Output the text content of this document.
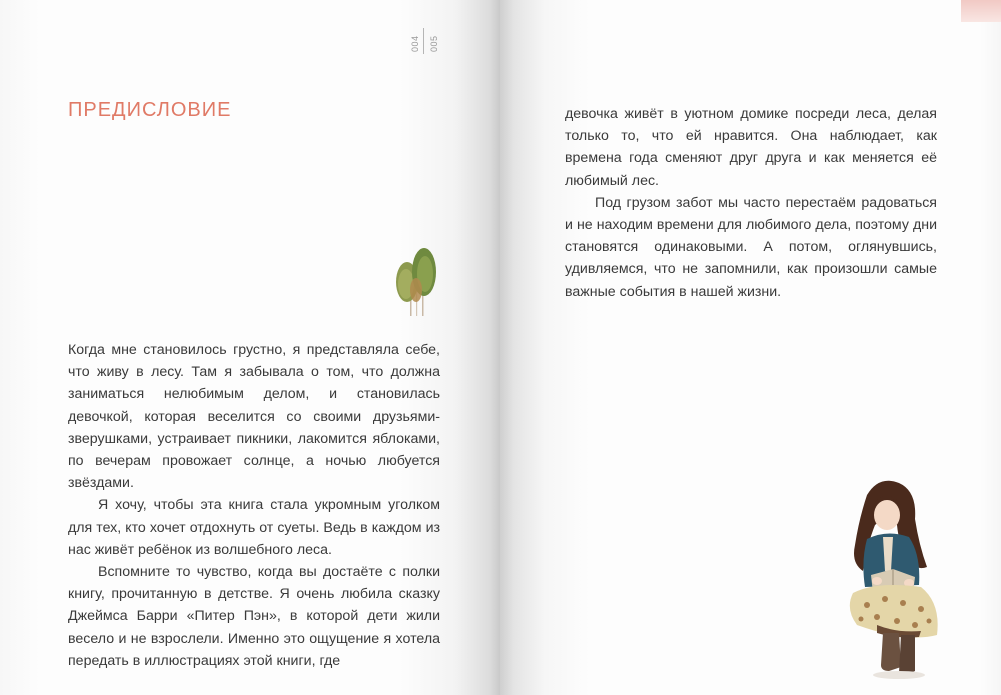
004 005
ПРЕДИСЛОВИЕ

Когда мне становилось грустно, я представляла себе, что живу в лесу. Там я забывала о том, что должна заниматься нелюбимым делом, и становилась девочкой, которая веселится со своими друзьями-зверушками, устраивает пикники, лакомится яблоками, по вечерам провожает солнце, а ночью любуется звёздами.

Я хочу, чтобы эта книга стала укромным уголком для тех, кто хочет отдохнуть от суеты. Ведь в каждом из нас живёт ребёнок из волшебного леса.

Вспомните то чувство, когда вы достаёте с полки книгу, прочитанную в детстве. Я очень любила сказку Джеймса Барри «Питер Пэн», в которой дети жили весело и не взрослели. Именно это ощущение я хотела передать в иллюстрациях этой книги, где

девочка живёт в уютном домике посреди леса, делая только то, что ей нравится. Она наблюдает, как времена года сменяют друг друга и как меняется её любимый лес.

Под грузом забот мы часто перестаём радоваться и не находим времени для любимого дела, поэтому дни становятся одинаковыми. А потом, оглянувшись, удивляемся, что не запомнили, как произошли самые важные события в нашей жизни.
